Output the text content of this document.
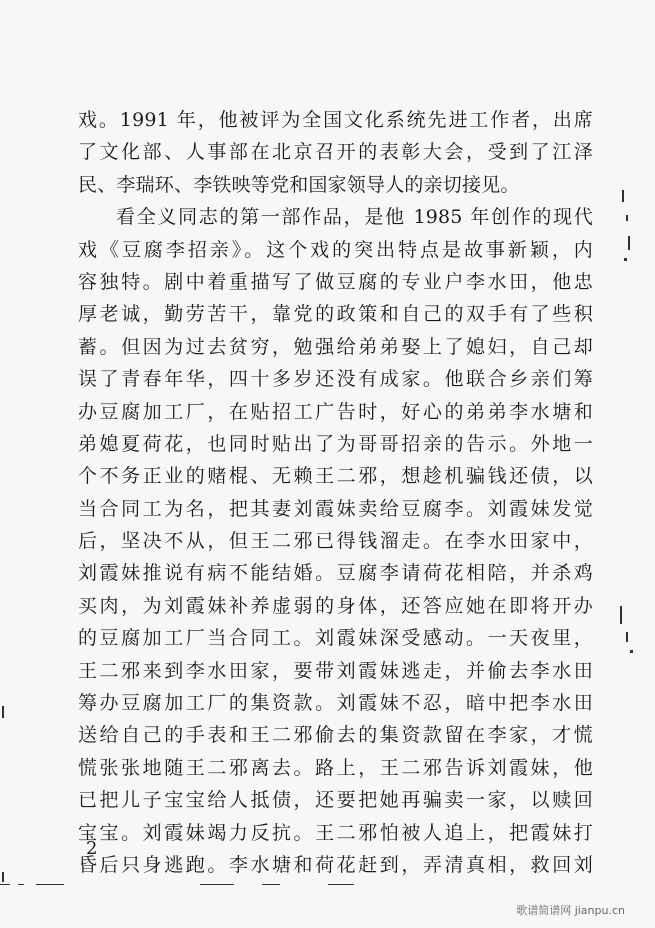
戏。1991 年，他被评为全国文化系统先进工作者，出席
了文化部、人事部在北京召开的表彰大会，受到了江泽
民、李瑞环、李铁映等党和国家领导人的亲切接见。
看全义同志的第一部作品，是他 1985 年创作的现代
戏《豆腐李招亲》。这个戏的突出特点是故事新颖，内
容独特。剧中着重描写了做豆腐的专业户李水田，他忠
厚老诚，勤劳苦干，靠党的政策和自己的双手有了些积
蓄。但因为过去贫穷，勉强给弟弟娶上了媳妇，自己却
误了青春年华，四十多岁还没有成家。他联合乡亲们筹
办豆腐加工厂，在贴招工广告时，好心的弟弟李水塘和
弟媳夏荷花，也同时贴出了为哥哥招亲的告示。外地一
个不务正业的赌棍、无赖王二邪，想趁机骗钱还债，以
当合同工为名，把其妻刘霞妹卖给豆腐李。刘霞妹发觉
后，坚决不从，但王二邪已得钱溜走。在李水田家中，
刘霞妹推说有病不能结婚。豆腐李请荷花相陪，并杀鸡
买肉，为刘霞妹补养虚弱的身体，还答应她在即将开办
的豆腐加工厂当合同工。刘霞妹深受感动。一天夜里，
王二邪来到李水田家，要带刘霞妹逃走，并偷去李水田
筹办豆腐加工厂的集资款。刘霞妹不忍，暗中把李水田
送给自己的手表和王二邪偷去的集资款留在李家，才慌
慌张张地随王二邪离去。路上，王二邪告诉刘霞妹，他
已把儿子宝宝给人抵债，还要把她再骗卖一家，以赎回
宝宝。刘霞妹竭力反抗。王二邪怕被人追上，把霞妹打
昏后只身逃跑。李水塘和荷花赶到，弄清真相，救回刘
2
歌谱简谱网 jianpu.cn
